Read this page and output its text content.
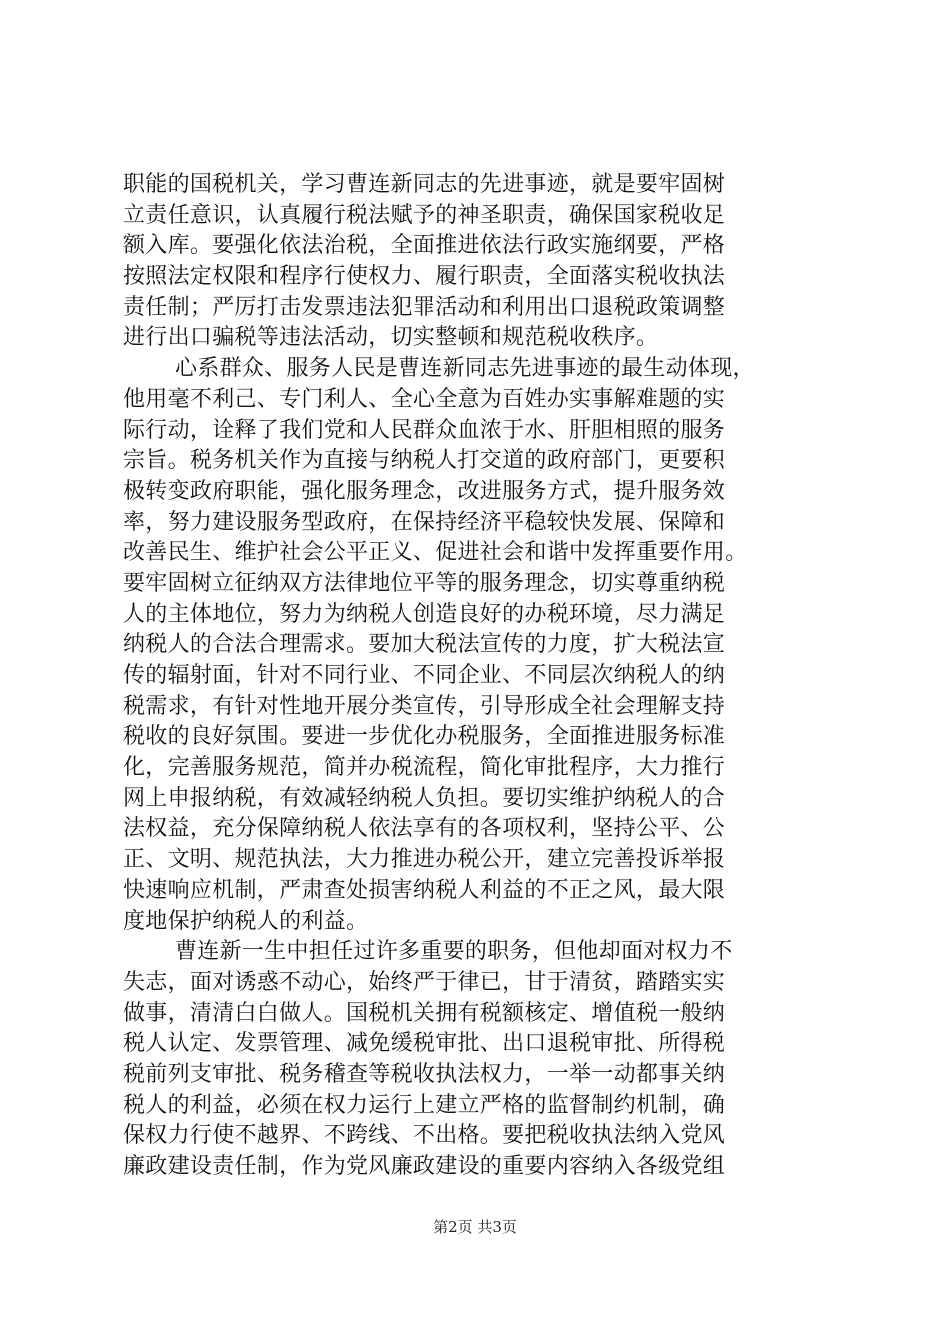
职能的国税机关，学习曹连新同志的先进事迹，就是要牢固树
立责任意识，认真履行税法赋予的神圣职责，确保国家税收足
额入库。要强化依法治税，全面推进依法行政实施纲要，严格
按照法定权限和程序行使权力、履行职责，全面落实税收执法
责任制；严厉打击发票违法犯罪活动和利用出口退税政策调整
进行出口骗税等违法活动，切实整顿和规范税收秩序。
心系群众、服务人民是曹连新同志先进事迹的最生动体现，
他用毫不利己、专门利人、全心全意为百姓办实事解难题的实
际行动，诠释了我们党和人民群众血浓于水、肝胆相照的服务
宗旨。税务机关作为直接与纳税人打交道的政府部门，更要积
极转变政府职能，强化服务理念，改进服务方式，提升服务效
率，努力建设服务型政府，在保持经济平稳较快发展、保障和
改善民生、维护社会公平正义、促进社会和谐中发挥重要作用。
要牢固树立征纳双方法律地位平等的服务理念，切实尊重纳税
人的主体地位，努力为纳税人创造良好的办税环境，尽力满足
纳税人的合法合理需求。要加大税法宣传的力度，扩大税法宣
传的辐射面，针对不同行业、不同企业、不同层次纳税人的纳
税需求，有针对性地开展分类宣传，引导形成全社会理解支持
税收的良好氛围。要进一步优化办税服务，全面推进服务标准
化，完善服务规范，简并办税流程，简化审批程序，大力推行
网上申报纳税，有效减轻纳税人负担。要切实维护纳税人的合
法权益，充分保障纳税人依法享有的各项权利，坚持公平、公
正、文明、规范执法，大力推进办税公开，建立完善投诉举报
快速响应机制，严肃查处损害纳税人利益的不正之风，最大限
度地保护纳税人的利益。
曹连新一生中担任过许多重要的职务，但他却面对权力不
失志，面对诱惑不动心，始终严于律已，甘于清贫，踏踏实实
做事，清清白白做人。国税机关拥有税额核定、增值税一般纳
税人认定、发票管理、减免缓税审批、出口退税审批、所得税
税前列支审批、税务稽查等税收执法权力，一举一动都事关纳
税人的利益，必须在权力运行上建立严格的监督制约机制，确
保权力行使不越界、不跨线、不出格。要把税收执法纳入党风
廉政建设责任制，作为党风廉政建设的重要内容纳入各级党组
第2页 共3页
